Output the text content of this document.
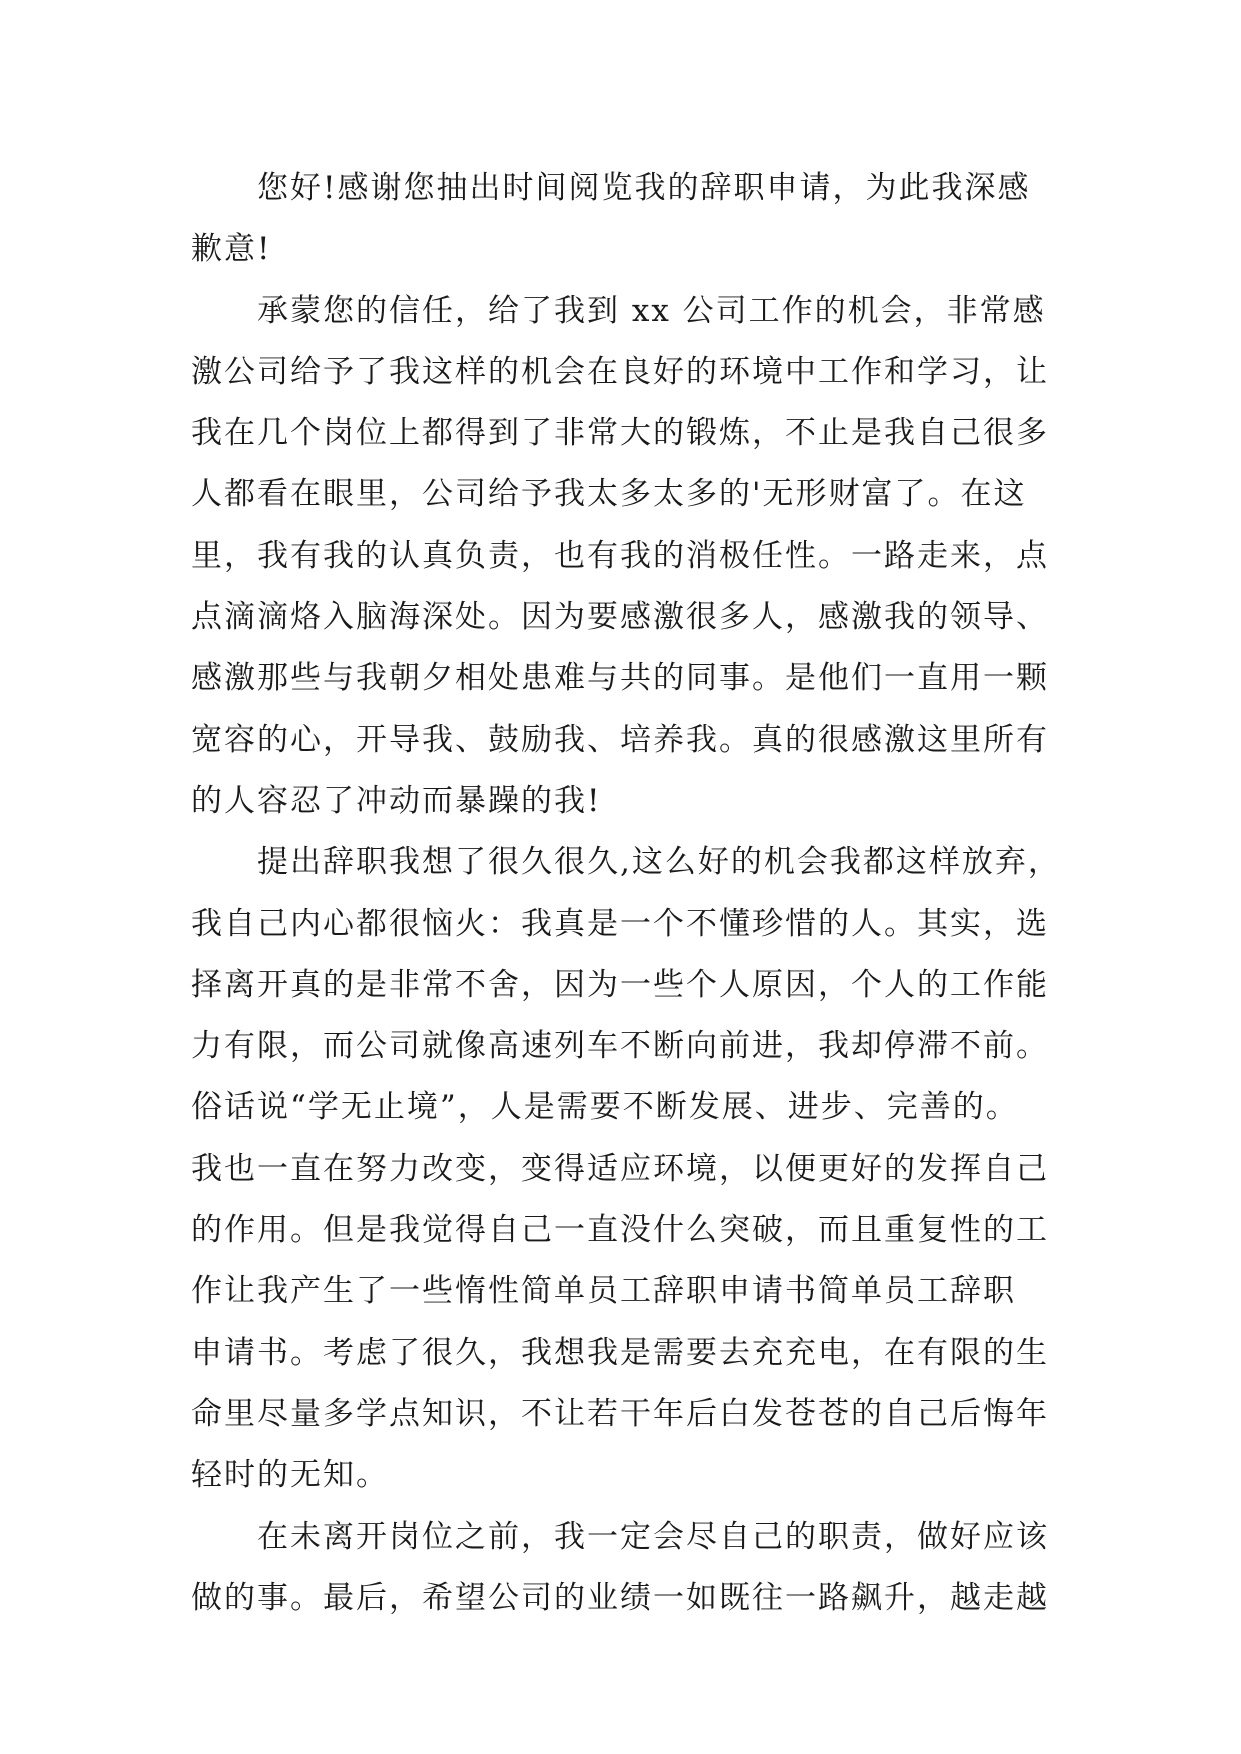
您好!感谢您抽出时间阅览我的辞职申请，为此我深感
歉意!
承蒙您的信任，给了我到 xx 公司工作的机会，非常感
激公司给予了我这样的机会在良好的环境中工作和学习，让
我在几个岗位上都得到了非常大的锻炼，不止是我自己很多
人都看在眼里，公司给予我太多太多的'无形财富了。在这
里，我有我的认真负责，也有我的消极任性。一路走来，点
点滴滴烙入脑海深处。因为要感激很多人，感激我的领导、
感激那些与我朝夕相处患难与共的同事。是他们一直用一颗
宽容的心，开导我、鼓励我、培养我。真的很感激这里所有
的人容忍了冲动而暴躁的我!
提出辞职我想了很久很久,这么好的机会我都这样放弃，
我自己内心都很恼火：我真是一个不懂珍惜的人。其实，选
择离开真的是非常不舍，因为一些个人原因，个人的工作能
力有限，而公司就像高速列车不断向前进，我却停滞不前。
俗话说“学无止境”，人是需要不断发展、进步、完善的。
我也一直在努力改变，变得适应环境，以便更好的发挥自己
的作用。但是我觉得自己一直没什么突破，而且重复性的工
作让我产生了一些惰性简单员工辞职申请书简单员工辞职
申请书。考虑了很久，我想我是需要去充充电，在有限的生
命里尽量多学点知识，不让若干年后白发苍苍的自己后悔年
轻时的无知。
在未离开岗位之前，我一定会尽自己的职责，做好应该
做的事。最后，希望公司的业绩一如既往一路飙升，越走越
